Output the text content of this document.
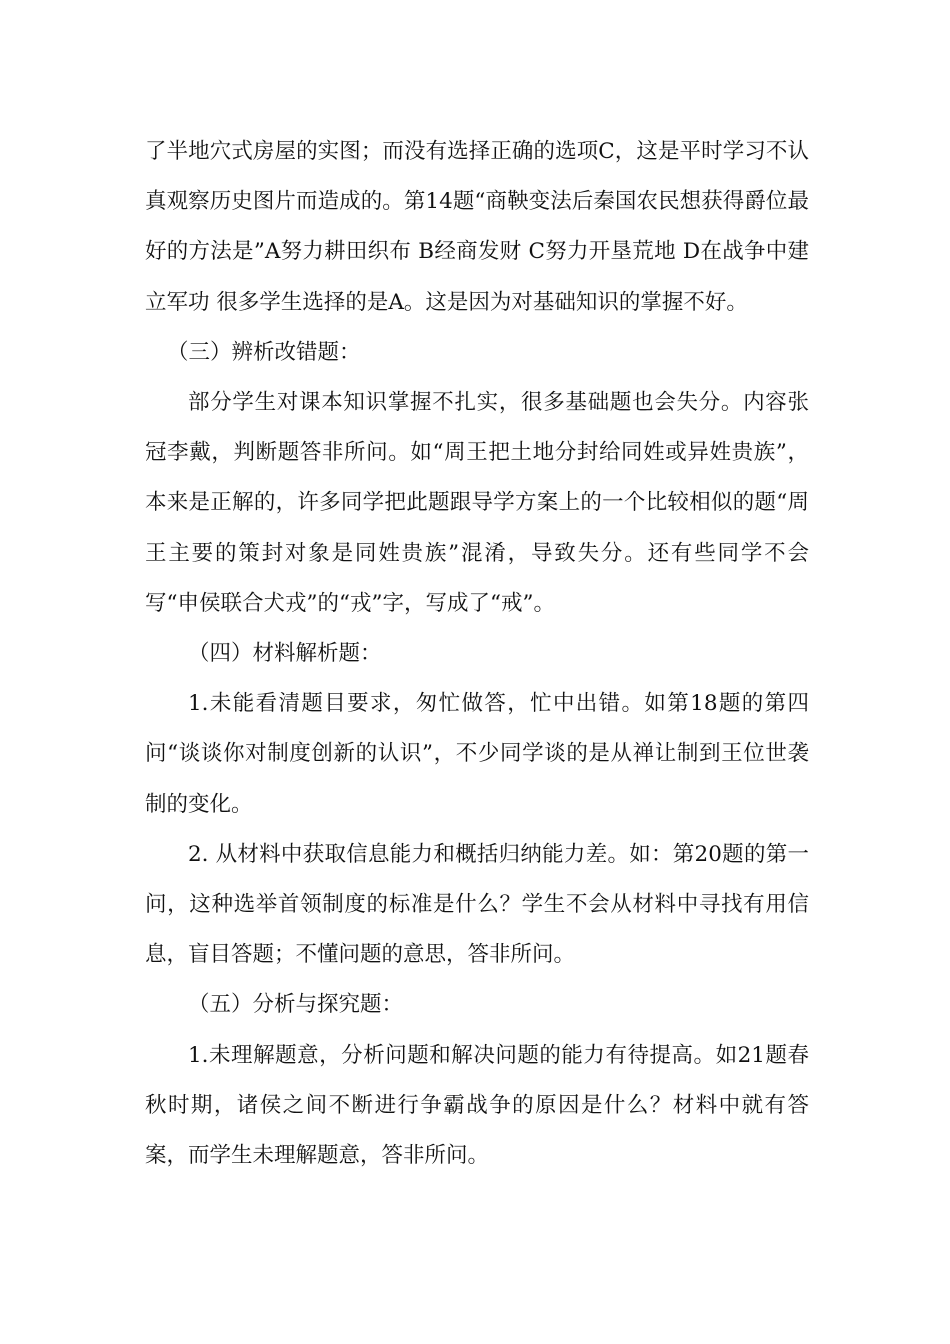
了半地穴式房屋的实图；而没有选择正确的选项C，这是平时学习不认真观察历史图片而造成的。第14题“商鞅变法后秦国农民想获得爵位最好的方法是”A努力耕田织布 B经商发财 C努力开垦荒地 D在战争中建立军功 很多学生选择的是A。这是因为对基础知识的掌握不好。

（三）辨析改错题：

部分学生对课本知识掌握不扎实，很多基础题也会失分。内容张冠李戴，判断题答非所问。如“周王把土地分封给同姓或异姓贵族”，本来是正解的，许多同学把此题跟导学方案上的一个比较相似的题“周王主要的策封对象是同姓贵族”混淆，导致失分。还有些同学不会写“申侯联合犬戎”的“戎”字，写成了“戒”。

（四）材料解析题：

1.未能看清题目要求，匆忙做答，忙中出错。如第18题的第四问“谈谈你对制度创新的认识”，不少同学谈的是从禅让制到王位世袭制的变化。

2. 从材料中获取信息能力和概括归纳能力差。如：第20题的第一问，这种选举首领制度的标准是什么？学生不会从材料中寻找有用信息，盲目答题；不懂问题的意思，答非所问。

（五）分析与探究题：

1.未理解题意，分析问题和解决问题的能力有待提高。如21题春秋时期，诸侯之间不断进行争霸战争的原因是什么？材料中就有答案，而学生未理解题意，答非所问。
